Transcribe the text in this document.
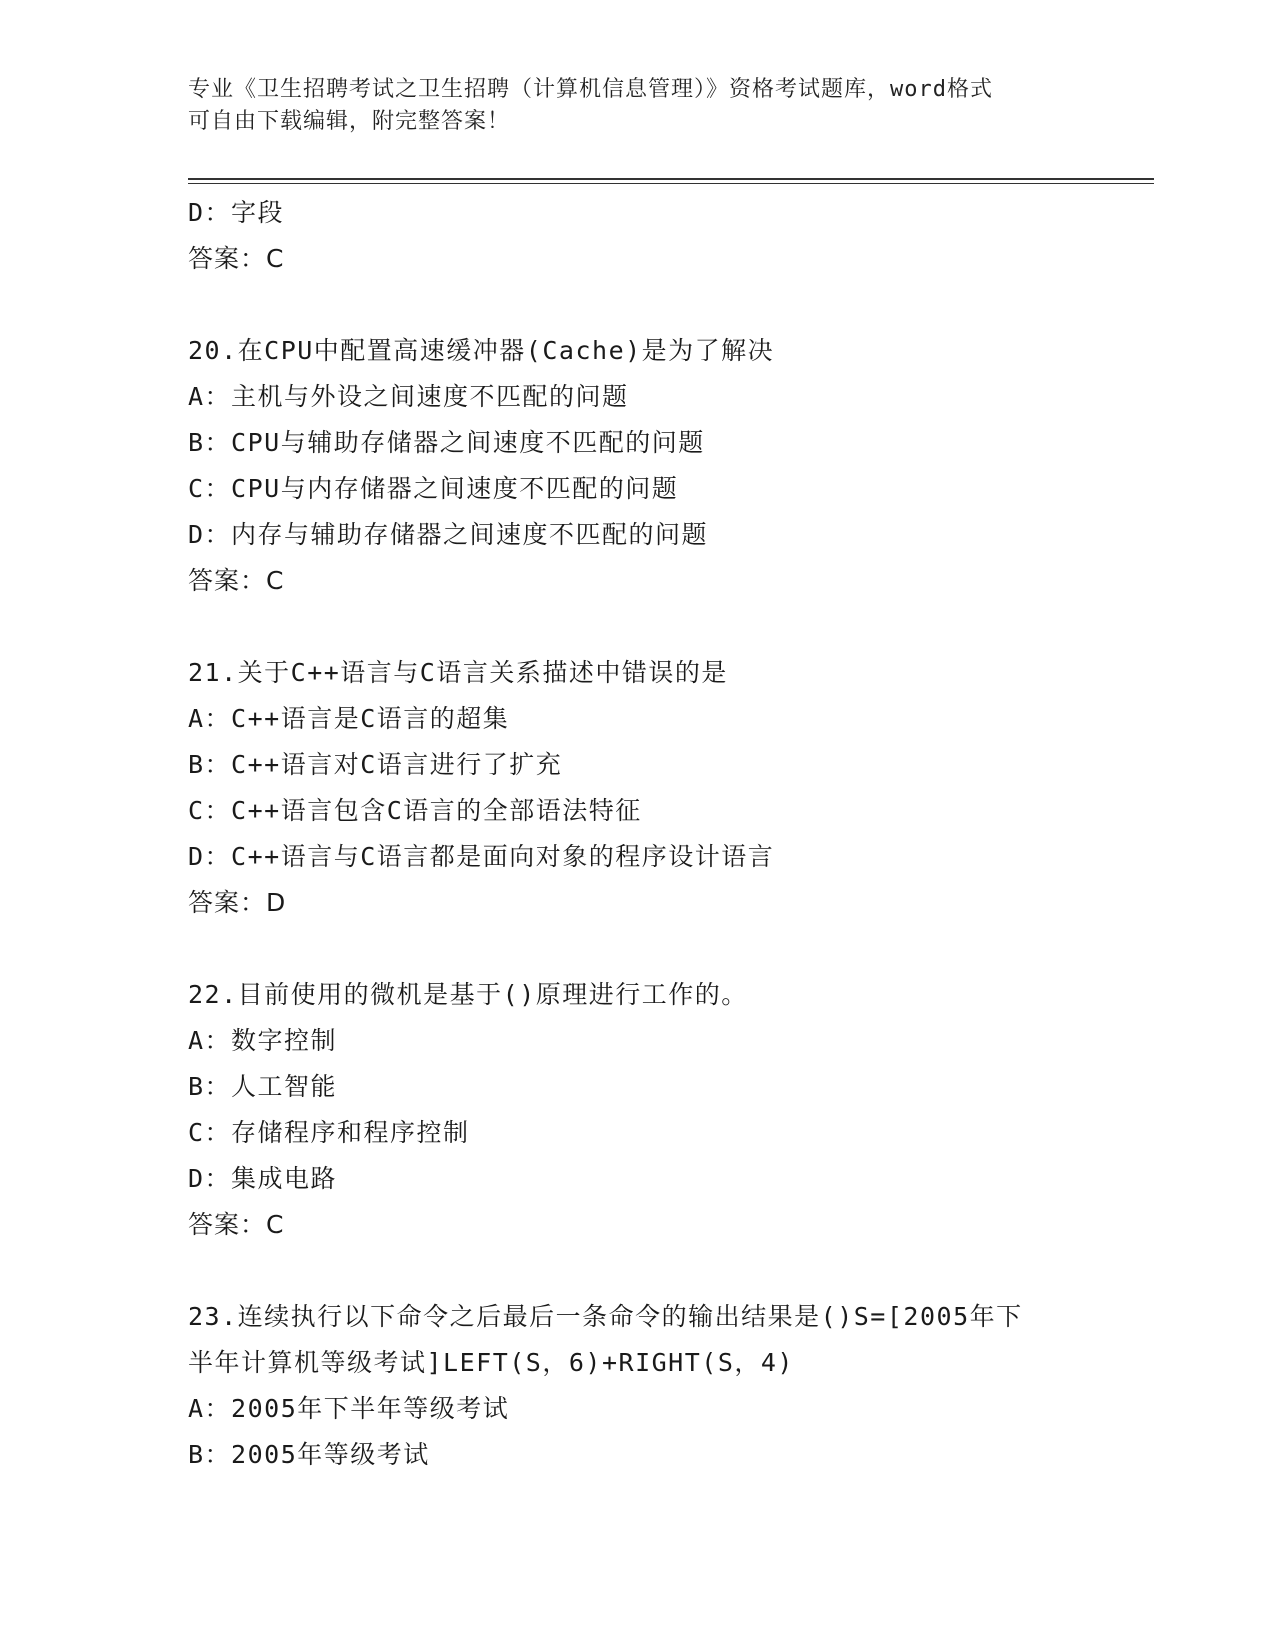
专业《卫生招聘考试之卫生招聘（计算机信息管理）》资格考试题库，word格式
可自由下载编辑，附完整答案！
D：字段
答案：C
20.在CPU中配置高速缓冲器(Cache)是为了解决
A：主机与外设之间速度不匹配的问题
B：CPU与辅助存储器之间速度不匹配的问题
C：CPU与内存储器之间速度不匹配的问题
D：内存与辅助存储器之间速度不匹配的问题
答案：C
21.关于C++语言与C语言关系描述中错误的是
A：C++语言是C语言的超集
B：C++语言对C语言进行了扩充
C：C++语言包含C语言的全部语法特征
D：C++语言与C语言都是面向对象的程序设计语言
答案：D
22.目前使用的微机是基于()原理进行工作的。
A：数字控制
B：人工智能
C：存储程序和程序控制
D：集成电路
答案：C
23.连续执行以下命令之后最后一条命令的输出结果是()S=[2005年下
半年计算机等级考试]LEFT(S，6)+RIGHT(S，4)
A：2005年下半年等级考试
B：2005年等级考试
